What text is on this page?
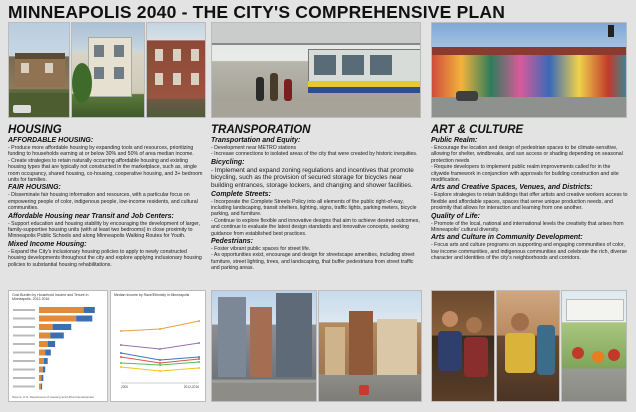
MINNEAPOLIS 2040 - THE CITY'S COMPREHENSIVE PLAN
HOUSING
AFFORDABLE HOUSING:

- Produce more affordable housing by expanding tools and resources, prioritizing funding to households earning at or below 30% and 50% of area median income.
- Create strategies to retain naturally occurring affordable housing and existing housing types that are typically not constructed in the marketplace, such as, single room occupancy, shared housing, co-housing, cooperative housing, and 3+ bedroom units for families.

FAIR HOUSING:

- Disseminate fair housing information and resources, with a particular focus on empowering people of color, indigenous people, low-income residents, and cultural communities.

Affordable Housing near Transit and Job Centers:

- Support education and housing stability by encouraging the development of larger, family-supportive housing units (with at least two bedrooms) in close proximity to Minneapolis Public Schools and along Minneapolis Walking Routes for Youth.

Mixed Income Housing:

- Expand the City's inclusionary housing policies to apply to newly constructed housing developments throughout the city and explore applying inclusionary housing policies to substantial housing rehabilitations.

TRANSPORATION
Transportation and Equity:

- Development near METRO stations
- Increase connections to isolated areas of the city that were created by historic inequities.

Bicycling:

- Implement and expand zoning regulations and incentives that promote bicycling, such as the provision of secured storage for bicycles near building entrances, storage lockers, and changing and shower facilities.

Complete Streets:

- Incorporate the Complete Streets Policy into all elements of the public right-of-way, including landscaping, transit shelters, lighting, signs, traffic lights, parking meters, bicycle parking, and furniture.
- Continue to explore flexible and innovative designs that aim to achieve desired outcomes, and continue to evaluate the latest design standards and innovative concepts, seeking guidance from established best practices.

Pedestrians:

- Foster vibrant public spaces for street life.
- As opportunities exist, encourage and design for streetscape amenities, including street furniture, street lighting, trees, and landscaping, that buffer pedestrians from street traffic and parking areas.

ART & CULTURE
Public Realm:

- Encourage the location and design of pedestrian spaces to be climate-sensitive, allowing for shelter, windbreaks, and sun access or shading depending on seasonal protection needs
- Require developers to implement public realm improvements called for in the citywide framework in conjunction with approvals for building construction and site modification.

Arts and Creative Spaces, Venues, and Districts:

- Explore strategies to retain buildings that offer artists and creative workers access to flexible and affordable spaces, spaces that serve unique production needs, and proximity that allows for interaction and learning from one another.

Quality of Life:

- Promote of the local, national and international levels the creativity that arises from Minneapolis' cultural diversity.

Arts and Culture in Community Development:

- Focus arts and culture programs on supporting and engaging communities of color, low income communities, and indigenous communities and celebrate the rich, diverse character and identities of the city's neighborhoods and corridors.

Cost Burden by Household Income and Tenure in Minneapolis, 2012-2016
Source: U.S. Department of Housing and Urban Development
Median Income by Race/Ethnicity in Minneapolis
2000	2012-2016
